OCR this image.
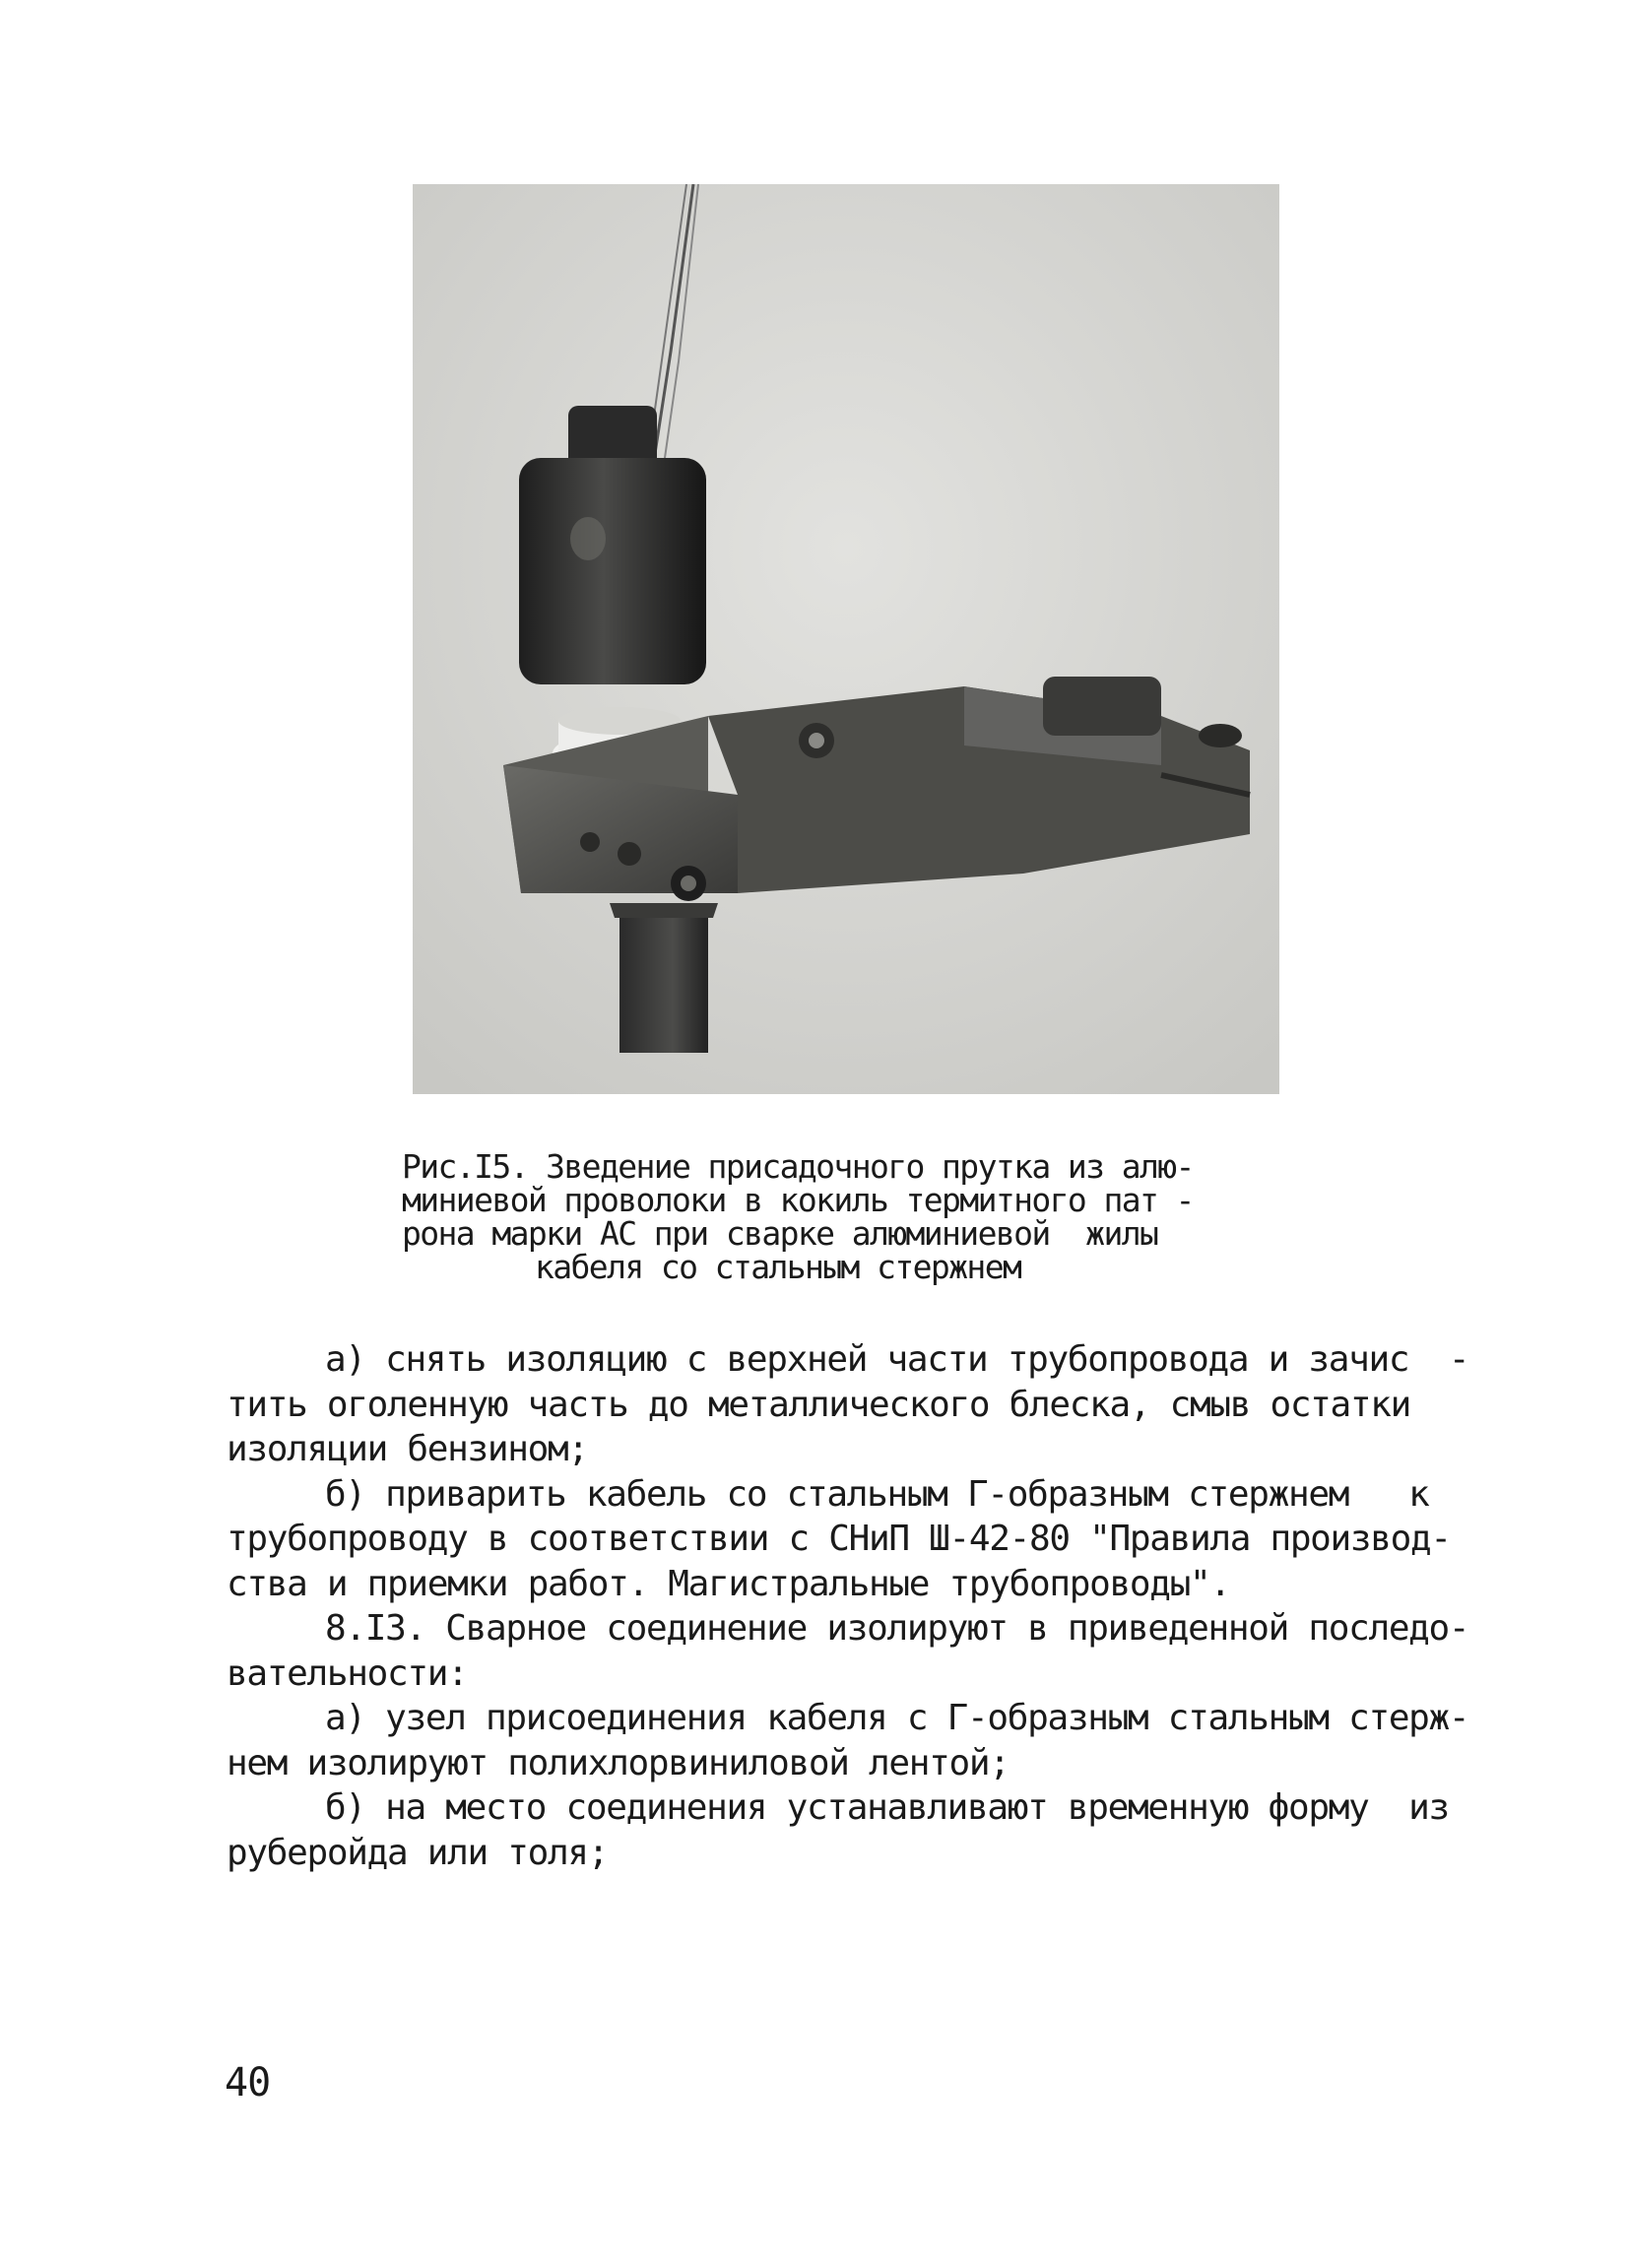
Рис.I5. Зведение присадочного прутка из алю-
миниевой проволоки в кокиль термитного пат -
рона марки АС при сварке алюминиевой  жилы
кабеля со стальным стержнем
а) снять изоляцию с верхней части трубопровода и зачис  -
тить оголенную часть до металлического блеска, смыв остатки
изоляции бензином;
б) приварить кабель со стальным Г-образным стержнем   к
трубопроводу в соответствии с СНиП Ш-42-80 "Правила производ-
ства и приемки работ. Магистральные трубопроводы".
8.I3. Сварное соединение изолируют в приведенной последо-
вательности:
а) узел присоединения кабеля с Г-образным стальным стерж-
нем изолируют полихлорвиниловой лентой;
б) на место соединения устанавливают временную форму  из
руберойда или толя;
40
